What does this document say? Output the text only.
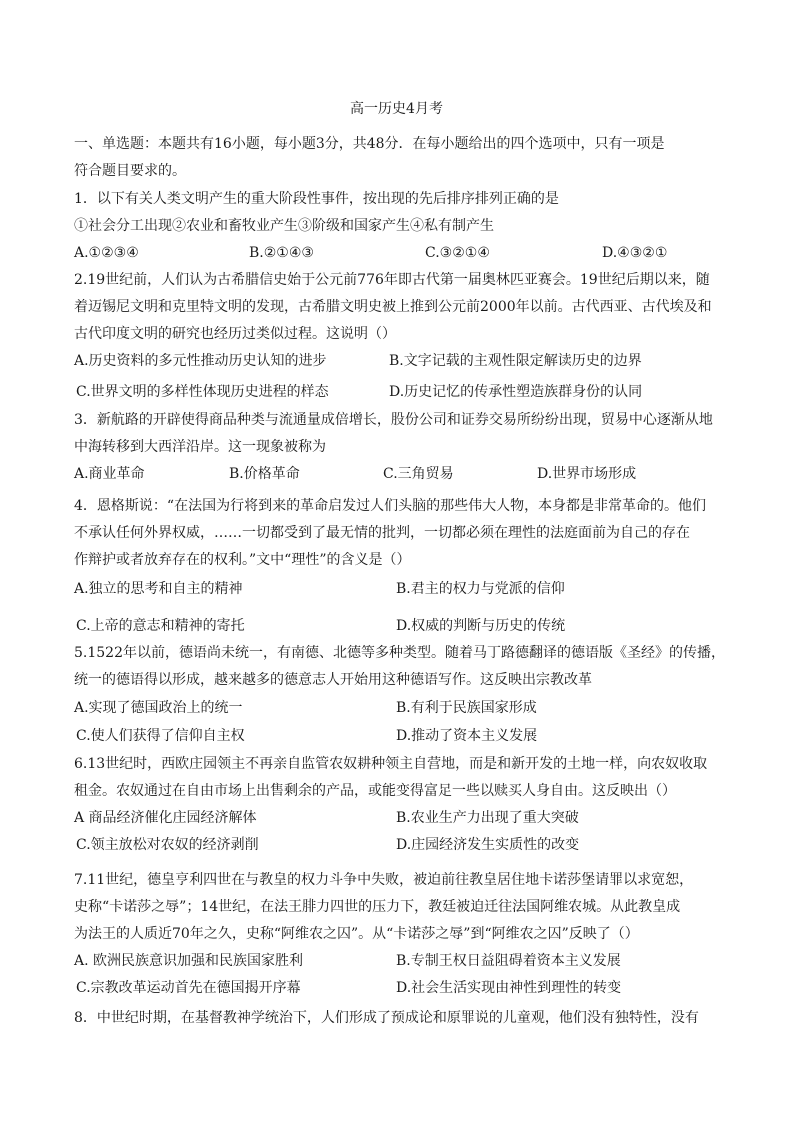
高一历史4月考
一、单选题：本题共有16小题，每小题3分，共48分．在每小题给出的四个选项中，只有一项是
符合题目要求的。
1．以下有关人类文明产生的重大阶段性事件，按出现的先后排序排列正确的是
①社会分工出现②农业和畜牧业产生③阶级和国家产生④私有制产生
A.①②③④	B.②①④③	C.③②①④	D.④③②①
2.19世纪前，人们认为古希腊信史始于公元前776年即古代第一届奥林匹亚赛会。19世纪后期以来，随
着迈锡尼文明和克里特文明的发现，古希腊文明史被上推到公元前2000年以前。古代西亚、古代埃及和
古代印度文明的研究也经历过类似过程。这说明（）
A.历史资料的多元性推动历史认知的进步	B.文字记载的主观性限定解读历史的边界
C.世界文明的多样性体现历史进程的样态	D.历史记忆的传承性塑造族群身份的认同
3．新航路的开辟使得商品种类与流通量成倍增长，股份公司和证券交易所纷纷出现，贸易中心逐渐从地
中海转移到大西洋沿岸。这一现象被称为
A.商业革命	B.价格革命	C.三角贸易	D.世界市场形成
4．恩格斯说：“在法国为行将到来的革命启发过人们头脑的那些伟大人物，本身都是非常革命的。他们
不承认任何外界权威，……一切都受到了最无情的批判，一切都必须在理性的法庭面前为自己的存在
作辩护或者放弃存在的权利。”文中“理性”的含义是（）
A.独立的思考和自主的精神	B.君主的权力与党派的信仰
C.上帝的意志和精神的寄托	D.权威的判断与历史的传统
5.1522年以前，德语尚未统一，有南德、北德等多种类型。随着马丁路德翻译的德语版《圣经》的传播，
统一的德语得以形成，越来越多的德意志人开始用这种德语写作。这反映出宗教改革
A.实现了德国政治上的统一	B.有利于民族国家形成
C.使人们获得了信仰自主权	D.推动了资本主义发展
6.13世纪时，西欧庄园领主不再亲自监管农奴耕种领主自营地，而是和新开发的土地一样，向农奴收取
租金。农奴通过在自由市场上出售剩余的产品，或能变得富足一些以赎买人身自由。这反映出（）
A 商品经济催化庄园经济解体	B.农业生产力出现了重大突破
C.领主放松对农奴的经济剥削	D.庄园经济发生实质性的改变
7.11世纪，德皇亨利四世在与教皇的权力斗争中失败，被迫前往教皇居住地卡诺莎堡请罪以求宽恕，
史称“卡诺莎之辱”；14世纪，在法王腓力四世的压力下，教廷被迫迁往法国阿维农城。从此教皇成
为法王的人质近70年之久，史称“阿维农之囚”。从“卡诺莎之辱”到“阿维农之囚”反映了（）
A. 欧洲民族意识加强和民族国家胜利	B.专制王权日益阻碍着资本主义发展
C.宗教改革运动首先在德国揭开序幕	D.社会生活实现由神性到理性的转变
8．中世纪时期，在基督教神学统治下，人们形成了预成论和原罪说的儿童观，他们没有独特性，没有
